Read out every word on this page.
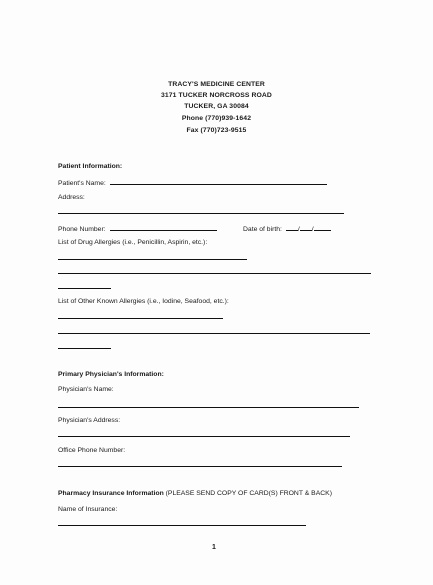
TRACY'S MEDICINE CENTER
3171 TUCKER NORCROSS ROAD
TUCKER, GA 30084
Phone (770)939-1642
Fax (770)723-9515
Patient Information:
Patient's Name:
Address:
Phone Number:	Date of birth: / /
List of Drug Allergies (i.e., Penicillin, Aspirin, etc.):
List of Other Known Allergies (i.e., Iodine, Seafood, etc.):
Primary Physician's Information:
Physician's Name:
Physician's Address:
Office Phone Number:
Pharmacy Insurance Information (PLEASE SEND COPY OF CARD(S) FRONT & BACK)
Name of Insurance:
1
